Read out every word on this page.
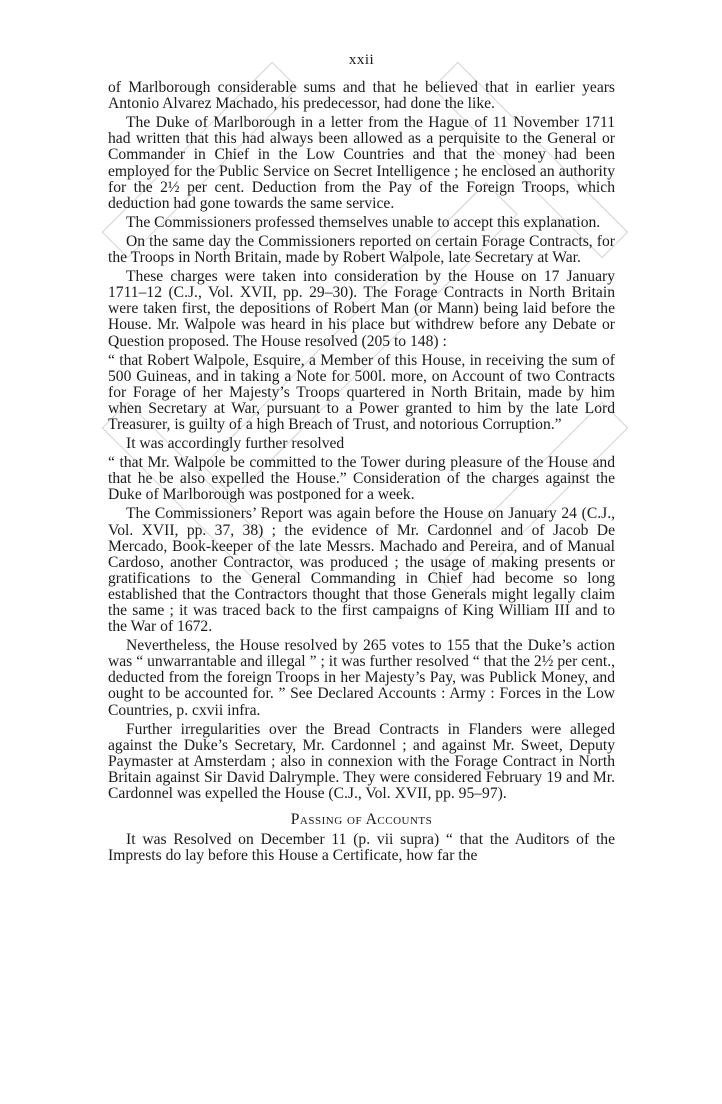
xxii

of Marlborough considerable sums and that he believed that in earlier years Antonio Alvarez Machado, his predecessor, had done the like.

The Duke of Marlborough in a letter from the Hague of 11 November 1711 had written that this had always been allowed as a perquisite to the General or Commander in Chief in the Low Countries and that the money had been employed for the Public Service on Secret Intelligence ; he enclosed an authority for the 2½ per cent. Deduction from the Pay of the Foreign Troops, which deduction had gone towards the same service.

The Commissioners professed themselves unable to accept this explanation.

On the same day the Commissioners reported on certain Forage Contracts, for the Troops in North Britain, made by Robert Walpole, late Secretary at War.

These charges were taken into consideration by the House on 17 January 1711–12 (C.J., Vol. XVII, pp. 29–30). The Forage Contracts in North Britain were taken first, the depositions of Robert Man (or Mann) being laid before the House. Mr. Walpole was heard in his place but withdrew before any Debate or Question proposed. The House resolved (205 to 148) :

“ that Robert Walpole, Esquire, a Member of this House, in receiving the sum of 500 Guineas, and in taking a Note for 500l. more, on Account of two Contracts for Forage of her Majesty’s Troops quartered in North Britain, made by him when Secretary at War, pursuant to a Power granted to him by the late Lord Treasurer, is guilty of a high Breach of Trust, and notorious Corruption.”

It was accordingly further resolved

“ that Mr. Walpole be committed to the Tower during pleasure of the House and that he be also expelled the House.” Consideration of the charges against the Duke of Marlborough was postponed for a week.

The Commissioners’ Report was again before the House on January 24 (C.J., Vol. XVII, pp. 37, 38) ; the evidence of Mr. Cardonnel and of Jacob De Mercado, Book-keeper of the late Messrs. Machado and Pereira, and of Manual Cardoso, another Contractor, was produced ; the usage of making presents or gratifications to the General Commanding in Chief had become so long established that the Contractors thought that those Generals might legally claim the same ; it was traced back to the first campaigns of King William III and to the War of 1672.

Nevertheless, the House resolved by 265 votes to 155 that the Duke’s action was “ unwarrantable and illegal ” ; it was further resolved “ that the 2½ per cent., deducted from the foreign Troops in her Majesty’s Pay, was Publick Money, and ought to be accounted for. ” See Declared Accounts : Army : Forces in the Low Countries, p. cxvii infra.

Further irregularities over the Bread Contracts in Flanders were alleged against the Duke’s Secretary, Mr. Cardonnel ; and against Mr. Sweet, Deputy Paymaster at Amsterdam ; also in connexion with the Forage Contract in North Britain against Sir David Dalrymple. They were considered February 19 and Mr. Cardonnel was expelled the House (C.J., Vol. XVII, pp. 95–97).

Passing of Accounts

It was Resolved on December 11 (p. vii supra) “ that the Auditors of the Imprests do lay before this House a Certificate, how far the
